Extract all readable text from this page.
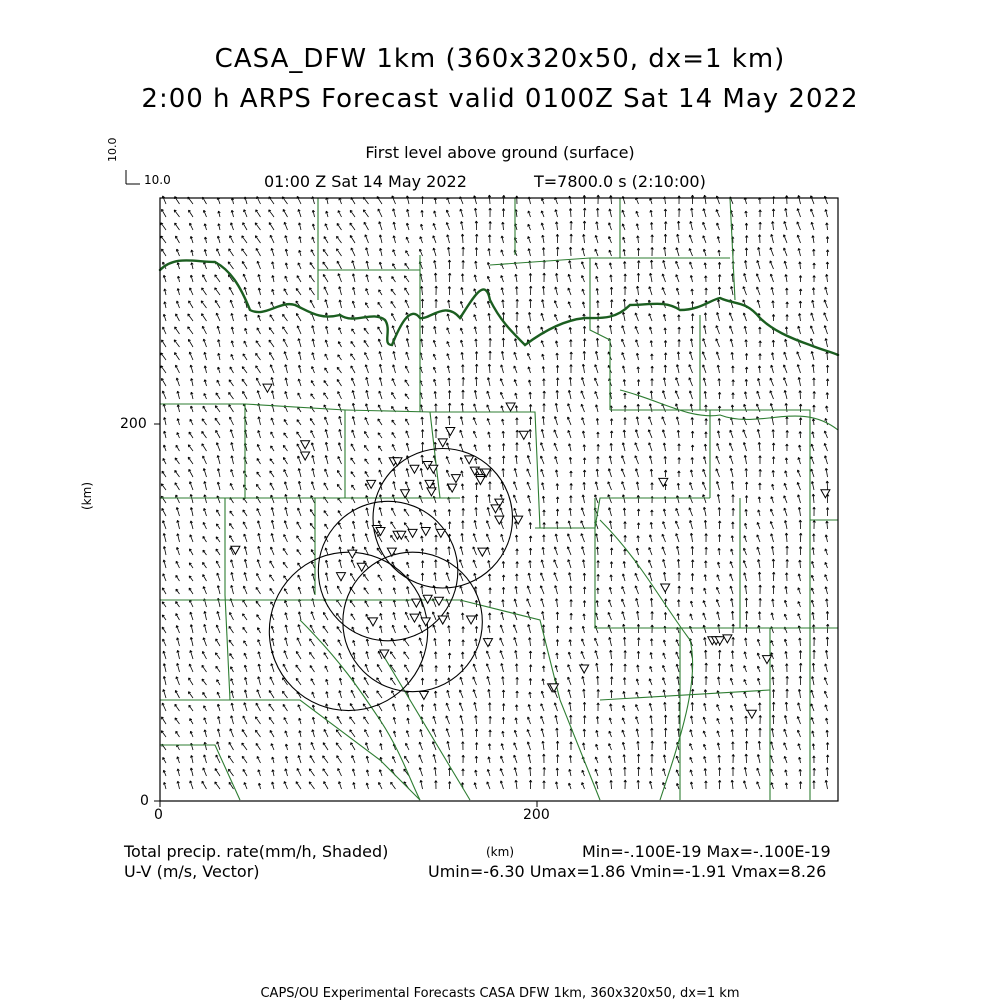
CASA_DFW 1km (360x320x50, dx=1 km)
2:00 h ARPS Forecast valid 0100Z Sat 14 May 2022
First level above ground (surface)
01:00 Z Sat 14 May 2022	T=7800.0 s (2:10:00)
10.0
10.0
0	200
0
200
(km)
(km)
Total precip. rate(mm/h, Shaded)	Min=-.100E-19 Max=-.100E-19
U-V (m/s, Vector)	Umin=-6.30 Umax=1.86 Vmin=-1.91 Vmax=8.26
CAPS/OU Experimental Forecasts CASA DFW 1km, 360x320x50, dx=1 km
